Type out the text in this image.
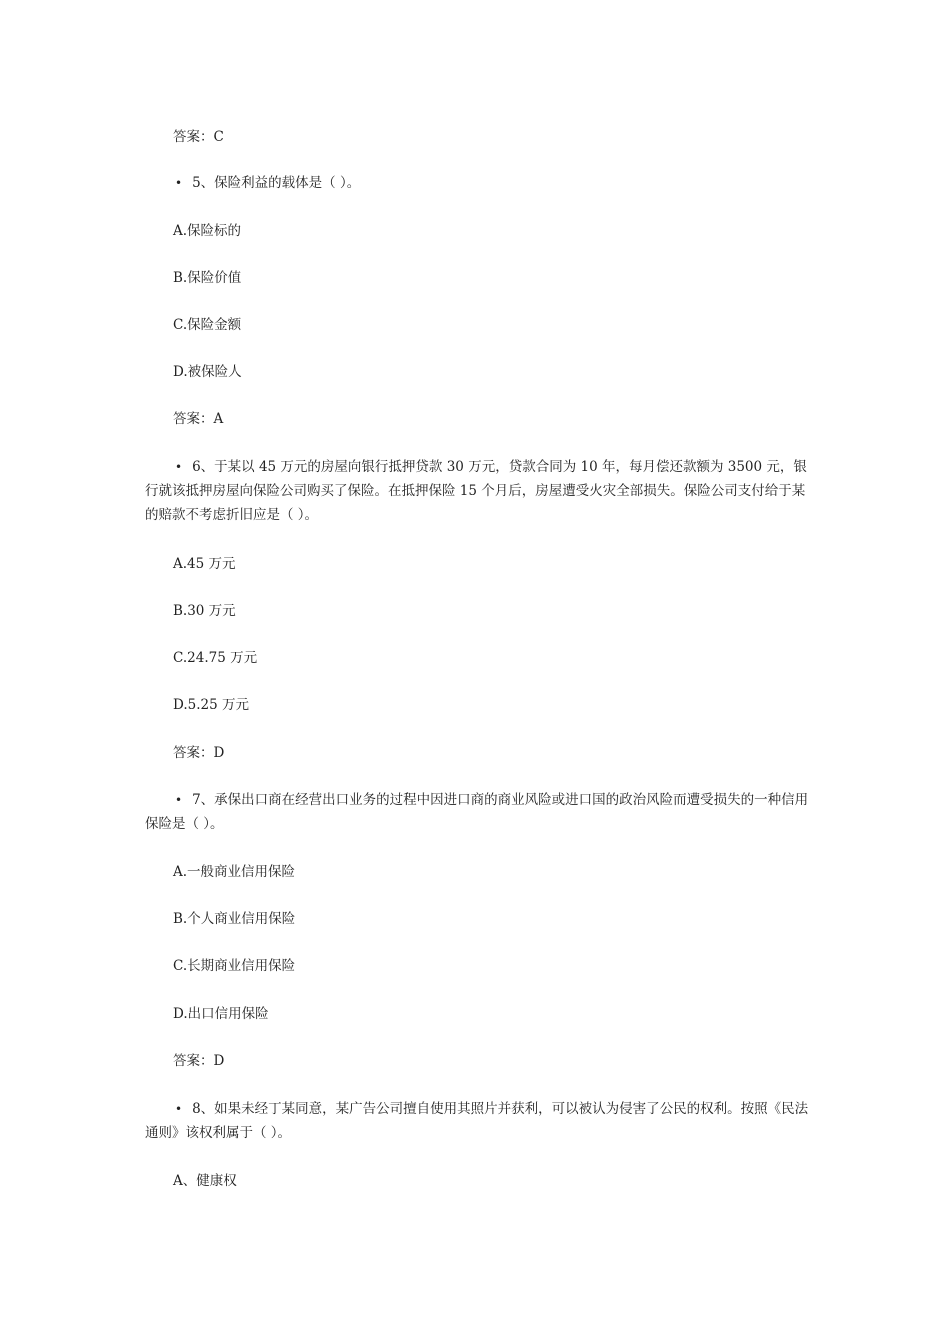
答案：C
• 5、保险利益的载体是（ ）。
A.保险标的
B.保险价值
C.保险金额
D.被保险人
答案：A
• 6、于某以 45 万元的房屋向银行抵押贷款 30 万元，贷款合同为 10 年，每月偿还款额为 3500 元，银行就该抵押房屋向保险公司购买了保险。在抵押保险 15 个月后，房屋遭受火灾全部损失。保险公司支付给于某的赔款不考虑折旧应是（ ）。
A.45 万元
B.30 万元
C.24.75 万元
D.5.25 万元
答案：D
• 7、承保出口商在经营出口业务的过程中因进口商的商业风险或进口国的政治风险而遭受损失的一种信用保险是（ ）。
A.一般商业信用保险
B.个人商业信用保险
C.长期商业信用保险
D.出口信用保险
答案：D
• 8、如果未经丁某同意，某广告公司擅自使用其照片并获利，可以被认为侵害了公民的权利。按照《民法通则》该权利属于（ ）。
A、健康权
